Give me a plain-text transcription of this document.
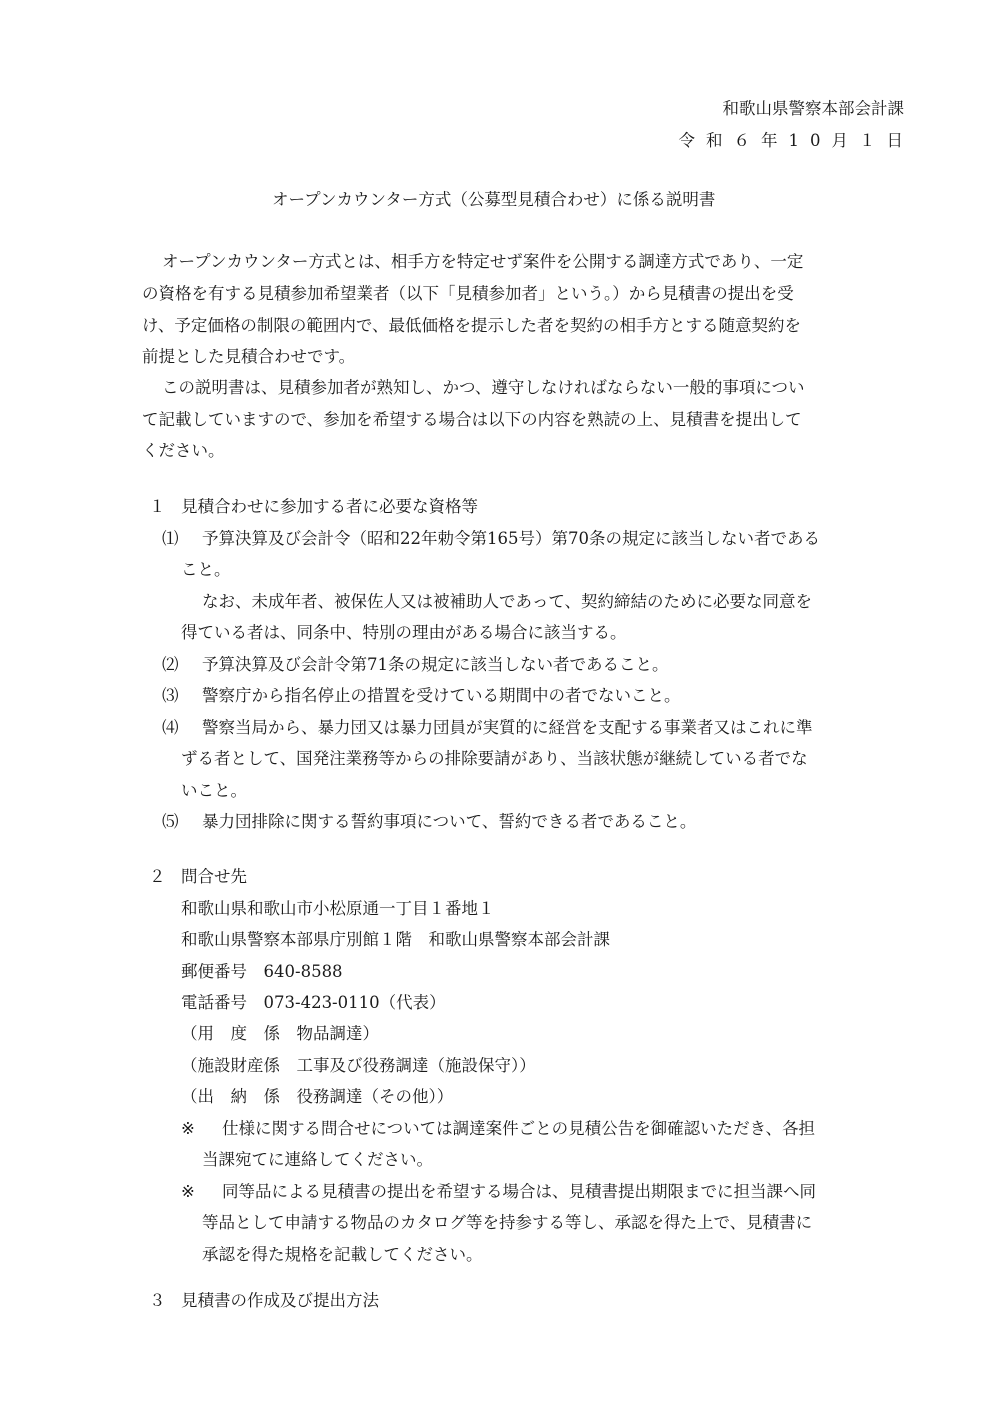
和歌山県警察本部会計課
令和６年10月１日
オープンカウンター方式（公募型見積合わせ）に係る説明書
オープンカウンター方式とは、相手方を特定せず案件を公開する調達方式であり、一定
の資格を有する見積参加希望業者（以下「見積参加者」という。）から見積書の提出を受
け、予定価格の制限の範囲内で、最低価格を提示した者を契約の相手方とする随意契約を
前提とした見積合わせです。
この説明書は、見積参加者が熟知し、かつ、遵守しなければならない一般的事項につい
て記載していますので、参加を希望する場合は以下の内容を熟読の上、見積書を提出して
ください。
１ 見積合わせに参加する者に必要な資格等
⑴ 予算決算及び会計令（昭和22年勅令第165号）第70条の規定に該当しない者である
こと。
なお、未成年者、被保佐人又は被補助人であって、契約締結のために必要な同意を
得ている者は、同条中、特別の理由がある場合に該当する。
⑵ 予算決算及び会計令第71条の規定に該当しない者であること。
⑶ 警察庁から指名停止の措置を受けている期間中の者でないこと。
⑷ 警察当局から、暴力団又は暴力団員が実質的に経営を支配する事業者又はこれに準
ずる者として、国発注業務等からの排除要請があり、当該状態が継続している者でな
いこと。
⑸ 暴力団排除に関する誓約事項について、誓約できる者であること。
２ 問合せ先
和歌山県和歌山市小松原通一丁目１番地１
和歌山県警察本部県庁別館１階　和歌山県警察本部会計課
郵便番号　640-8588
電話番号　073-423-0110（代表）
（用　度　係　物品調達）
（施設財産係　工事及び役務調達（施設保守））
（出　納　係　役務調達（その他））
※ 仕様に関する問合せについては調達案件ごとの見積公告を御確認いただき、各担
当課宛てに連絡してください。
※ 同等品による見積書の提出を希望する場合は、見積書提出期限までに担当課へ同
等品として申請する物品のカタログ等を持参する等し、承認を得た上で、見積書に
承認を得た規格を記載してください。
３ 見積書の作成及び提出方法
